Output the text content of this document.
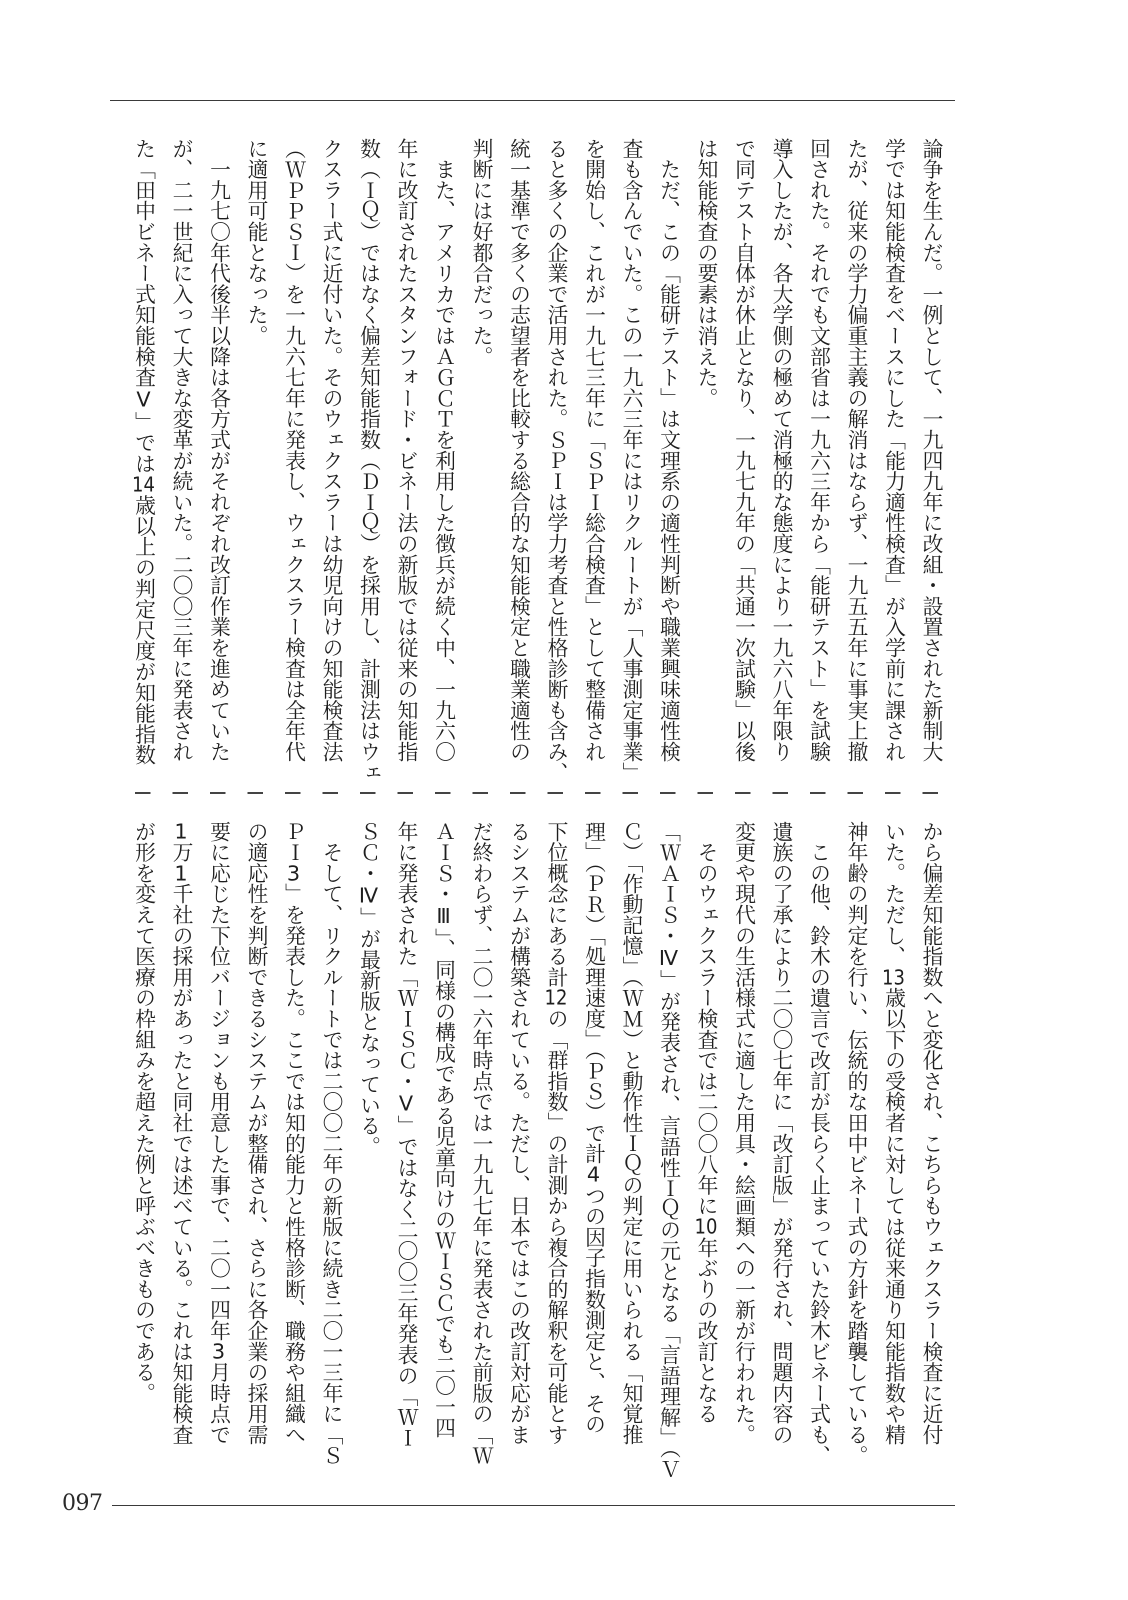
論争を生んだ。一例として、一九四九年に改組・設置された新制大

学では知能検査をベースにした「能力適性検査」が入学前に課され

たが、従来の学力偏重主義の解消はならず、一九五五年に事実上撤

回された。それでも文部省は一九六三年から「能研テスト」を試験

導入したが、各大学側の極めて消極的な態度により一九六八年限り

で同テスト自体が休止となり、一九七九年の「共通一次試験」以後

は知能検査の要素は消えた。

　ただ、この「能研テスト」は文理系の適性判断や職業興味適性検

査も含んでいた。この一九六三年にはリクルートが「人事測定事業」

を開始し、これが一九七三年に「ＳＰＩ総合検査」として整備され

ると多くの企業で活用された。ＳＰＩは学力考査と性格診断も含み、

統一基準で多くの志望者を比較する総合的な知能検定と職業適性の

判断には好都合だった。

　また、アメリカではＡＧＣＴを利用した徴兵が続く中、一九六〇

年に改訂されたスタンフォード・ビネー法の新版では従来の知能指

数（ＩＱ）ではなく偏差知能指数（ＤＩＱ）を採用し、計測法はウェ

クスラー式に近付いた。そのウェクスラーは幼児向けの知能検査法

（ＷＰＰＳＩ）を一九六七年に発表し、ウェクスラー検査は全年代

に適用可能となった。

　一九七〇年代後半以降は各方式がそれぞれ改訂作業を進めていた

が、二一世紀に入って大きな変革が続いた。二〇〇三年に発表され

た「田中ビネー式知能検査Ⅴ」では14歳以上の判定尺度が知能指数

から偏差知能指数へと変化され、こちらもウェクスラー検査に近付

いた。ただし、13歳以下の受検者に対しては従来通り知能指数や精

神年齢の判定を行い、伝統的な田中ビネー式の方針を踏襲している。

　この他、鈴木の遺言で改訂が長らく止まっていた鈴木ビネー式も、

遺族の了承により二〇〇七年に「改訂版」が発行され、問題内容の

変更や現代の生活様式に適した用具・絵画類への一新が行われた。

　そのウェクスラー検査では二〇〇八年に10年ぶりの改訂となる

「ＷＡＩＳ・Ⅳ」が発表され、言語性ＩＱの元となる「言語理解」（Ｖ

Ｃ）「作動記憶」（ＷＭ）と動作性ＩＱの判定に用いられる「知覚推

理」（ＰＲ）「処理速度」（ＰＳ）で計4つの因子指数測定と、その

下位概念にある計12の「群指数」の計測から複合的解釈を可能とす

るシステムが構築されている。ただし、日本ではこの改訂対応がま

だ終わらず、二〇一六年時点では一九九七年に発表された前版の「Ｗ

ＡＩＳ・Ⅲ」、同様の構成である児童向けのＷＩＳＣでも二〇一四

年に発表された「ＷＩＳＣ・Ⅴ」ではなく二〇〇三年発表の「ＷＩ

ＳＣ・Ⅳ」が最新版となっている。

　そして、リクルートでは二〇〇二年の新版に続き二〇一三年に「Ｓ

ＰＩ3」を発表した。ここでは知的能力と性格診断、職務や組織へ

の適応性を判断できるシステムが整備され、さらに各企業の採用需

要に応じた下位バージョンも用意した事で、二〇一四年3月時点で

1万1千社の採用があったと同社では述べている。これは知能検査

が形を変えて医療の枠組みを超えた例と呼ぶべきものである。

097
